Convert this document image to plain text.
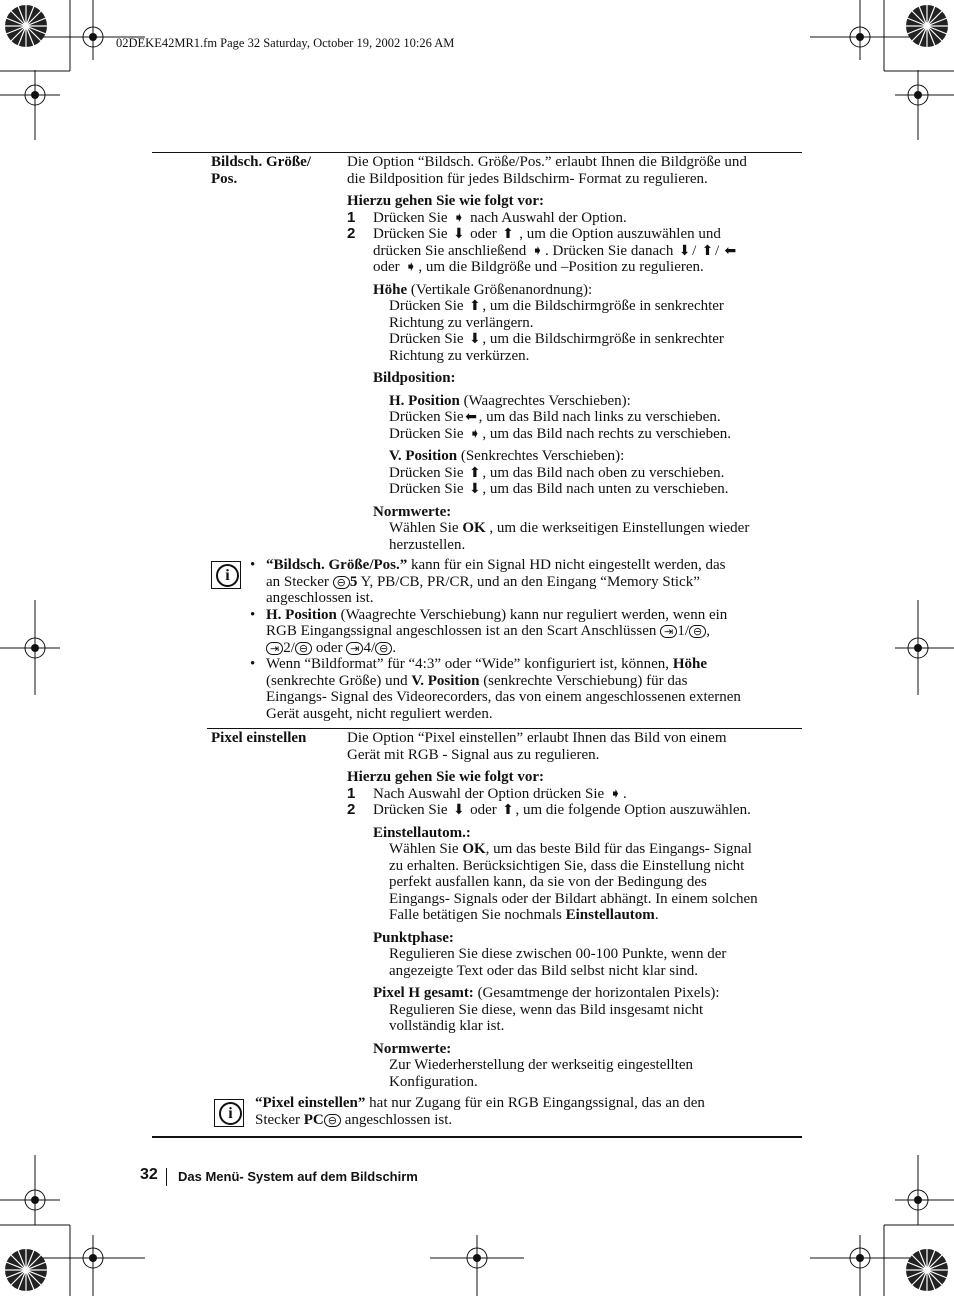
02DEKE42MR1.fm Page 32 Saturday, October 19, 2002 10:26 AM
Bildsch. Größe/
Pos.

Die Option “Bildsch. Größe/Pos.” erlaubt Ihnen die Bildgröße und

die Bildposition für jedes Bildschirm- Format zu regulieren.

Hierzu gehen Sie wie folgt vor:

1 Drücken Sie ➧ nach Auswahl der Option.
2 Drücken Sie ⬇ oder ⬆ , um die Option auszuwählen und
drücken Sie anschließend ➧ . Drücken Sie danach ⬇ / ⬆ / ⬅
oder ➧ , um die Bildgröße und –Position zu regulieren.
Höhe (Vertikale Größenanordnung):
Drücken Sie ⬆ , um die Bildschirmgröße in senkrechter
Richtung zu verlängern.
Drücken Sie ⬇ , um die Bildschirmgröße in senkrechter
Richtung zu verkürzen.
Bildposition:
H. Position (Waagrechtes Verschieben):
Drücken Sie ⬅ , um das Bild nach links zu verschieben.
Drücken Sie ➧ , um das Bild nach rechts zu verschieben.
V. Position (Senkrechtes Verschieben):
Drücken Sie ⬆ , um das Bild nach oben zu verschieben.
Drücken Sie ⬇ , um das Bild nach unten zu verschieben.
Normwerte:
Wählen Sie OK , um die werkseitigen Einstellungen wieder
herzustellen.
i
• “Bildsch. Größe/Pos.” kann für ein Signal HD nicht eingestellt werden, das
an Stecker ⊖ 5 Y, PB/CB, PR/CR, und an den Eingang “Memory Stick”
angeschlossen ist.
• H. Position (Waagrechte Verschiebung) kann nur reguliert werden, wenn ein
RGB Eingangssignal angeschlossen ist an den Scart Anschlüssen ⇥ 1/ ⊖ ,
⇥ 2/ ⊖ oder ⇥ 4/ ⊖ .
• Wenn “Bildformat” für “4:3” oder “Wide” konfiguriert ist, können, Höhe
(senkrechte Größe) und V. Position (senkrechte Verschiebung) für das
Eingangs- Signal des Videorecorders, das von einem angeschlossenen externen
Gerät ausgeht, nicht reguliert werden.
Pixel einstellen	Die Option “Pixel einstellen” erlaubt Ihnen das Bild von einem

Gerät mit RGB - Signal aus zu regulieren.

Hierzu gehen Sie wie folgt vor:

1 Nach Auswahl der Option drücken Sie ➧ .
2 Drücken Sie ⬇ oder ⬆ , um die folgende Option auszuwählen.
Einstellautom.:
Wählen Sie OK, um das beste Bild für das Eingangs- Signal
zu erhalten. Berücksichtigen Sie, dass die Einstellung nicht
perfekt ausfallen kann, da sie von der Bedingung des
Eingangs- Signals oder der Bildart abhängt. In einem solchen
Falle betätigen Sie nochmals Einstellautom.
Punktphase:
Regulieren Sie diese zwischen 00-100 Punkte, wenn der
angezeigte Text oder das Bild selbst nicht klar sind.
Pixel H gesamt: (Gesamtmenge der horizontalen Pixels):
Regulieren Sie diese, wenn das Bild insgesamt nicht
vollständig klar ist.
Normwerte:
Zur Wiederherstellung der werkseitig eingestellten
Konfiguration.
i
“Pixel einstellen” hat nur Zugang für ein RGB Eingangssignal, das an den
Stecker PC ⊖ angeschlossen ist.
32 Das Menü- System auf dem Bildschirm
